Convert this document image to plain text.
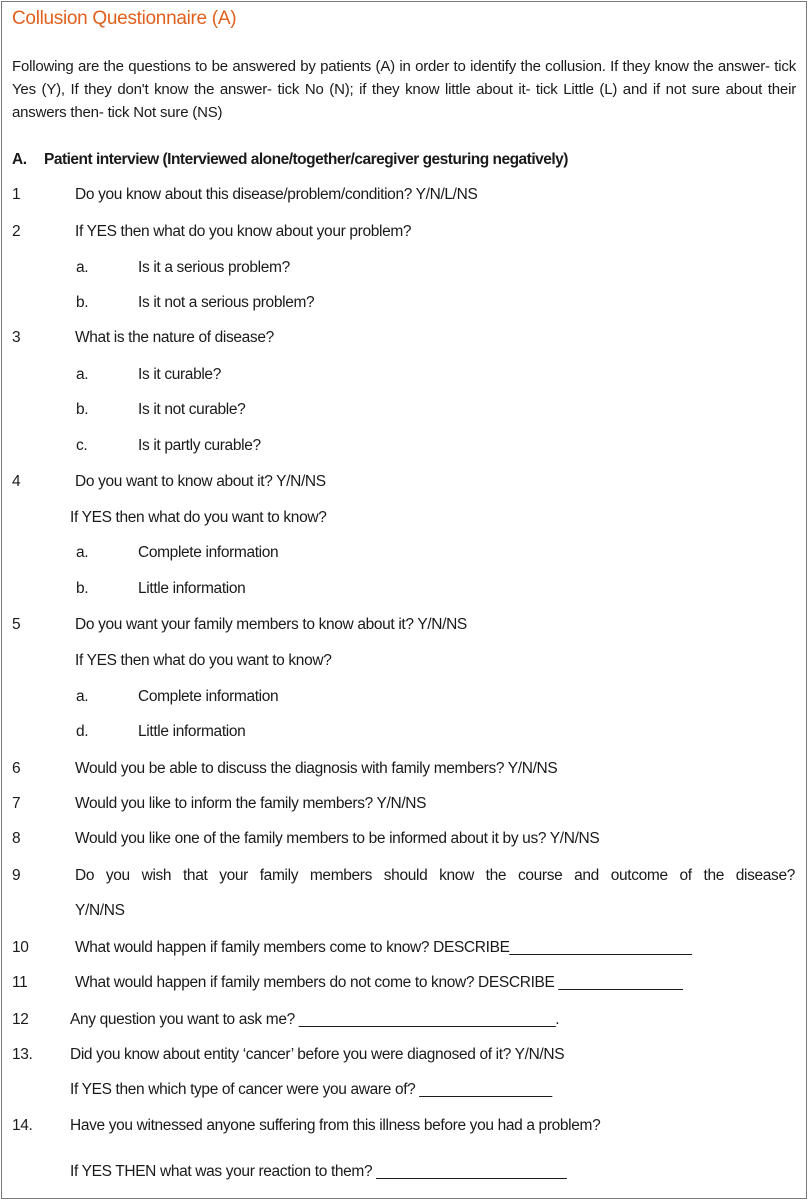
Collusion Questionnaire (A)
Following are the questions to be answered by patients (A) in order to identify the collusion. If they know the answer- tick Yes (Y), If they don't know the answer- tick No (N); if they know little about it- tick Little (L) and if not sure about their answers then- tick Not sure (NS)
A. Patient interview (Interviewed alone/together/caregiver gesturing negatively)
1	Do you know about this disease/problem/condition? Y/N/L/NS
2	If YES then what do you know about your problem?
a.	Is it a serious problem?
b.	Is it not a serious problem?
3	What is the nature of disease?
a.	Is it curable?
b.	Is it not curable?
c.	Is it partly curable?
4	Do you want to know about it? Y/N/NS
If YES then what do you want to know?
a.	Complete information
b.	Little information
5	Do you want your family members to know about it? Y/N/NS
If YES then what do you want to know?
a.	Complete information
d.	Little information
6	Would you be able to discuss the diagnosis with family members? Y/N/NS
7	Would you like to inform the family members? Y/N/NS
8	Would you like one of the family members to be informed about it by us? Y/N/NS
9	Do you wish that your family members should know the course and outcome of the disease?
Y/N/NS
10	What would happen if family members come to know? DESCRIBE______________________
11	What would happen if family members do not come to know? DESCRIBE _______________
12	Any question you want to ask me? _______________________________.
13. Did you know about entity ‘cancer’ before you were diagnosed of it? Y/N/NS
If YES then which type of cancer were you aware of? ________________
14. Have you witnessed anyone suffering from this illness before you had a problem?
If YES THEN what was your reaction to them? _______________________
